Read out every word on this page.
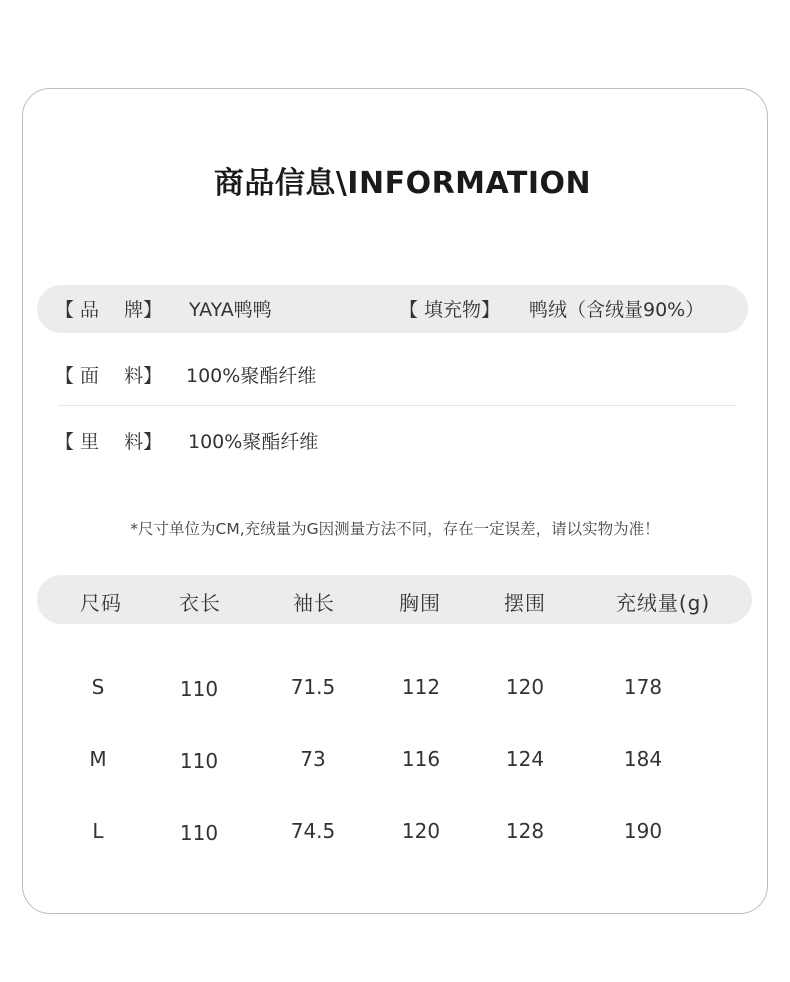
商品信息\INFORMATION
【 品　 牌】 YAYA鸭鸭	【 填充物】 鸭绒（含绒量90%）
【 面　 料】 100%聚酯纤维
【 里　 料】 100%聚酯纤维
*尺寸单位为CM,充绒量为G因测量方法不同，存在一定误差，请以实物为准！
尺码	衣长	袖长	胸围	摆围	充绒量(g)
S	110	71.5	112	120	178
M	110	73	116	124	184
L	110	74.5	120	128	190
